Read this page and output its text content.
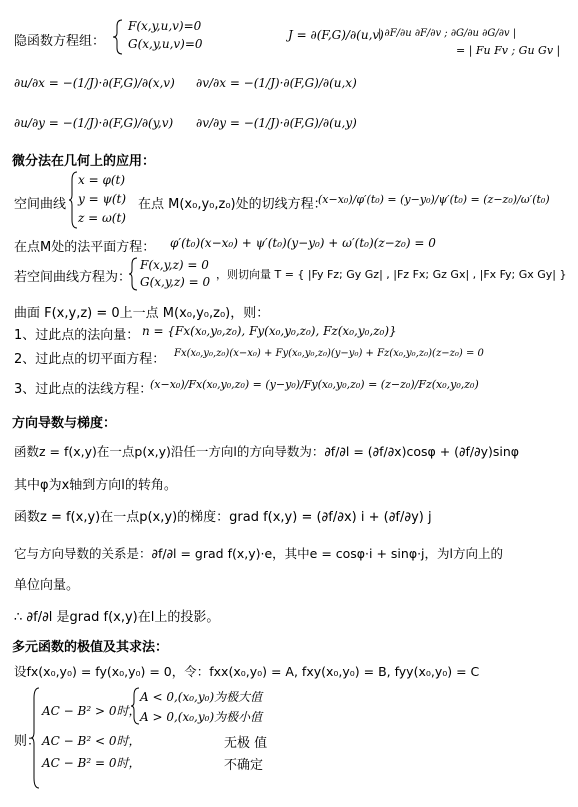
隐函数方程组：
F(x,y,u,v)=0
G(x,y,u,v)=0
J = ∂(F,G)/∂(u,v)
| ∂F/∂u ∂F/∂v ; ∂G/∂u ∂G/∂v |
= | Fu Fv ; Gu Gv |
∂u/∂x = −(1/J)·∂(F,G)/∂(x,v) ∂v/∂x = −(1/J)·∂(F,G)/∂(u,x)
∂u/∂y = −(1/J)·∂(F,G)/∂(y,v) ∂v/∂y = −(1/J)·∂(F,G)/∂(u,y)
微分法在几何上的应用：
空间曲线
x = φ(t)
y = ψ(t)
z = ω(t)
在点 M(x₀,y₀,z₀)处的切线方程：
(x−x₀)/φ′(t₀) = (y−y₀)/ψ′(t₀) = (z−z₀)/ω′(t₀)
在点M处的法平面方程： φ′(t₀)(x−x₀) + ψ′(t₀)(y−y₀) + ω′(t₀)(z−z₀) = 0
若空间曲线方程为：
F(x,y,z) = 0
G(x,y,z) = 0
，则切向量 T = { |Fy Fz; Gy Gz| , |Fz Fx; Gz Gx| , |Fx Fy; Gx Gy| }
曲面 F(x,y,z) = 0上一点 M(x₀,y₀,z₀)，则：
1、过此点的法向量： n = {Fx(x₀,y₀,z₀), Fy(x₀,y₀,z₀), Fz(x₀,y₀,z₀)}
2、过此点的切平面方程： Fx(x₀,y₀,z₀)(x−x₀) + Fy(x₀,y₀,z₀)(y−y₀) + Fz(x₀,y₀,z₀)(z−z₀) = 0
3、过此点的法线方程：
(x−x₀)/Fx(x₀,y₀,z₀) = (y−y₀)/Fy(x₀,y₀,z₀) = (z−z₀)/Fz(x₀,y₀,z₀)
方向导数与梯度：
函数z = f(x,y)在一点p(x,y)沿任一方向l的方向导数为：∂f/∂l = (∂f/∂x)cosφ + (∂f/∂y)sinφ
其中φ为x轴到方向l的转角。
函数z = f(x,y)在一点p(x,y)的梯度：grad f(x,y) = (∂f/∂x) i + (∂f/∂y) j
它与方向导数的关系是：∂f/∂l = grad f(x,y)·e，其中e = cosφ·i + sinφ·j，为l方向上的
单位向量。
∴ ∂f/∂l 是grad f(x,y)在l上的投影。
多元函数的极值及其求法：
设fx(x₀,y₀) = fy(x₀,y₀) = 0，令：fxx(x₀,y₀) = A, fxy(x₀,y₀) = B, fyy(x₀,y₀) = C
则：
AC − B² > 0时，
A < 0,(x₀,y₀)为极大值
A > 0,(x₀,y₀)为极小值
AC − B² < 0时，	无极 值
AC − B² = 0时，	不确定
